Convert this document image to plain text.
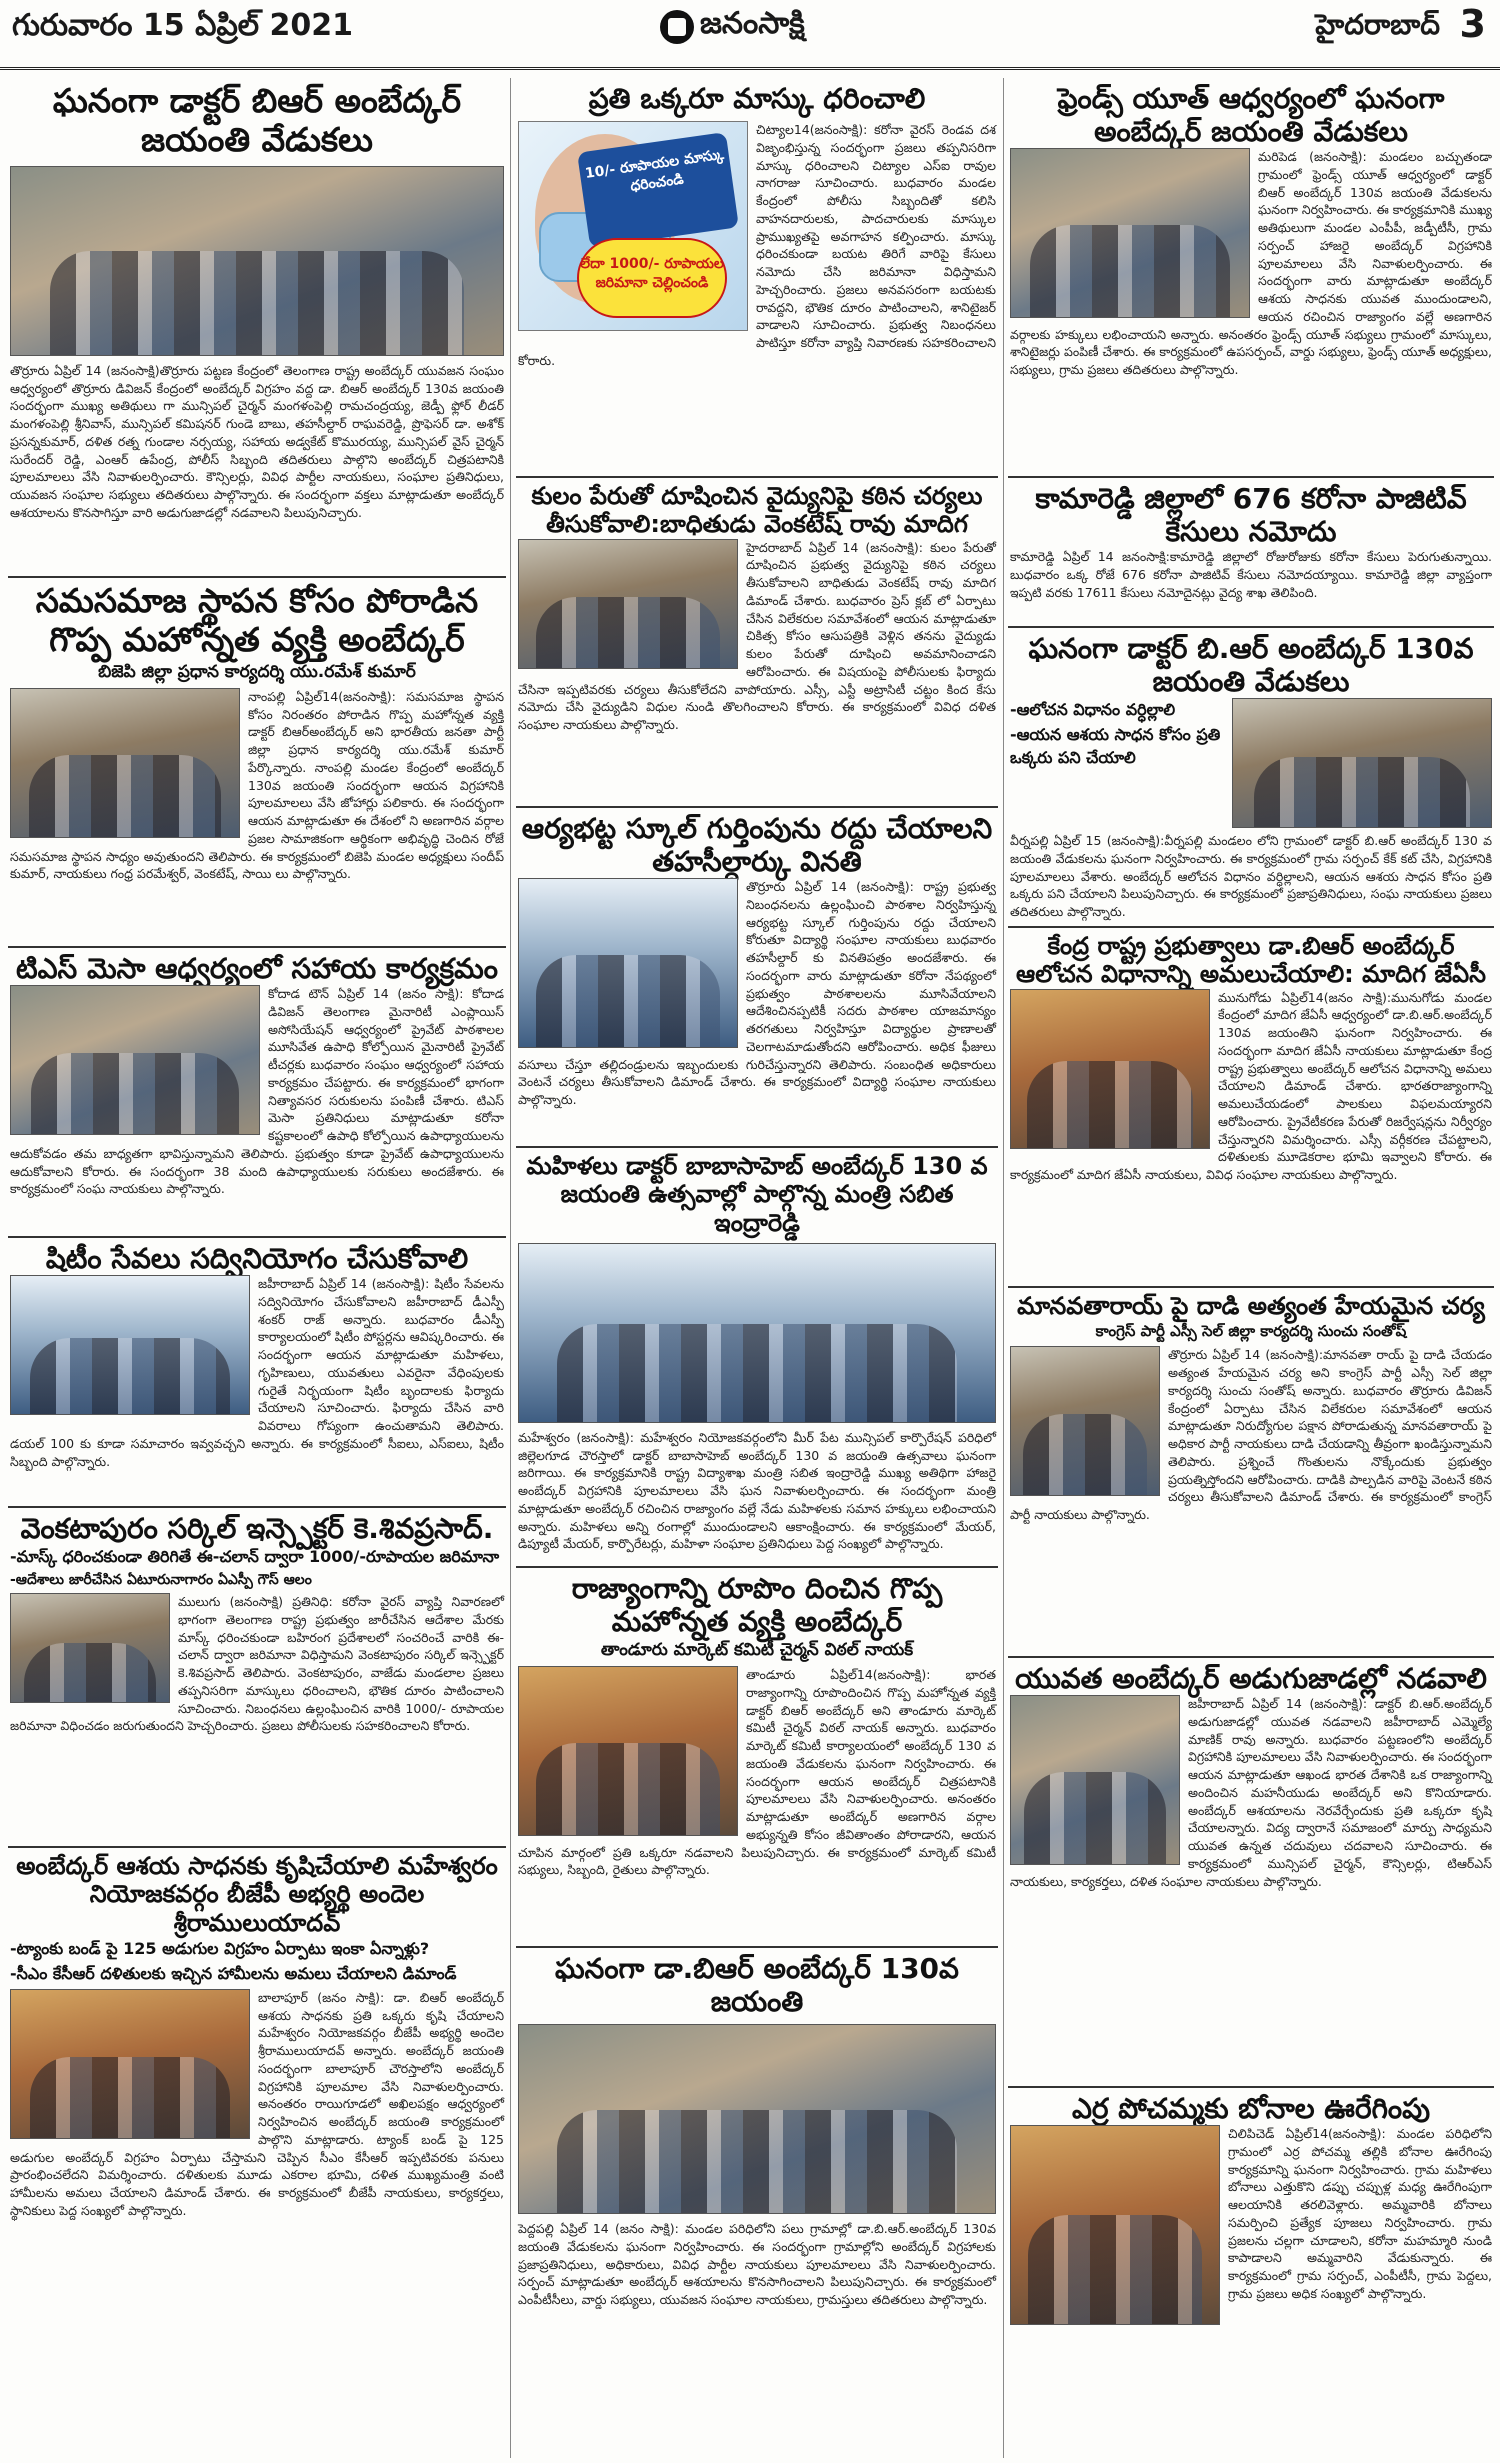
గురువారం 15 ఏప్రిల్ 2021	జనంసాక్షి	హైదరాబాద్ 3
ఘనంగా డాక్టర్ బిఆర్ అంబేద్కర్ జయంతి వేడుకలు
తొర్రూరు ఏప్రిల్ 14 (జనంసాక్షి)తొర్రూరు పట్టణ కేంద్రంలో తెలంగాణ రాష్ట్ర అంబేద్కర్ యువజన సంఘం ఆధ్వర్యంలో తొర్రూరు డివిజన్ కేంద్రంలో అంబేద్కర్ విగ్రహం వద్ద డా. బిఆర్ అంబేద్కర్ 130వ జయంతి సందర్భంగా ముఖ్య అతిథులు గా మున్సిపల్ చైర్మన్ మంగళంపెల్లి రామచంద్రయ్య, జెడ్పీ ఫ్లోర్ లీడర్ మంగళంపెల్లి శ్రీనివాస్, మున్సిపల్ కమిషనర్ గుండె బాబు, తహసీల్దార్ రాఘవరెడ్డి, ప్రొఫెసర్ డా. అశోక్ ప్రసన్నకుమార్, దళిత రత్న గుండాల నర్సయ్య, సహాయ అడ్వకేట్ కొమురయ్య, మున్సిపల్ వైస్ చైర్మన్ సురేందర్ రెడ్డి, ఎంఆర్ ఉపేంద్ర, పోలీస్ సిబ్బంది తదితరులు పాల్గొని అంబేద్కర్ చిత్రపటానికి పూలమాలలు వేసి నివాళులర్పించారు. కౌన్సిలర్లు, వివిధ పార్టీల నాయకులు, సంఘాల ప్రతినిధులు, యువజన సంఘాల సభ్యులు తదితరులు పాల్గొన్నారు. ఈ సందర్భంగా వక్తలు మాట్లాడుతూ అంబేద్కర్ ఆశయాలను కొనసాగిస్తూ వారి అడుగుజాడల్లో నడవాలని పిలుపునిచ్చారు.
సమసమాజ స్థాపన కోసం పోరాడిన గొప్ప మహోన్నత వ్యక్తి అంబేద్కర్
బిజెపి జిల్లా ప్రధాన కార్యదర్శి యు.రమేశ్ కుమార్
నాంపల్లి ఏప్రిల్14(జనంసాక్షి): సమసమాజ స్థాపన కోసం నిరంతరం పోరాడిన గొప్ప మహోన్నత వ్యక్తి డాక్టర్ బిఆర్అంబేద్కర్ అని భారతీయ జనతా పార్టీ జిల్లా ప్రధాన కార్యదర్శి యు.రమేశ్ కుమార్ పేర్కొన్నారు. నాంపల్లి మండల కేంద్రంలో అంబేద్కర్ 130వ జయంతి సందర్భంగా ఆయన విగ్రహానికి పూలమాలలు వేసి జోహార్లు పలికారు. ఈ సందర్భంగా ఆయన మాట్లాడుతూ ఈ దేశంలో ని అణగారిన వర్గాల ప్రజల సామాజికంగా ఆర్థికంగా అభివృద్ధి చెందిన రోజే సమసమాజ స్థాపన సాధ్యం అవుతుందని తెలిపారు. ఈ కార్యక్రమంలో బిజెపి మండల అధ్యక్షులు సందీప్ కుమార్, నాయకులు గంధ్ర పరమేశ్వర్, వెంకటేష్, సాయి లు పాల్గొన్నారు.
టిఎస్ మెసా ఆధ్వర్యంలో సహాయ కార్యక్రమం
కోదాడ టౌన్ ఏప్రిల్ 14 (జనం సాక్షి): కోదాడ డివిజన్ తెలంగాణ మైనారిటీ ఎంప్లాయిస్ అసోసియేషన్ ఆధ్వర్యంలో ప్రైవేట్ పాఠశాలల మూసివేత ఉపాధి కోల్పోయిన మైనారిటీ ప్రైవేట్ టీచర్లకు బుధవారం సంఘం ఆధ్వర్యంలో సహాయ కార్యక్రమం చేపట్టారు. ఈ కార్యక్రమంలో భాగంగా నిత్యావసర సరుకులను పంపిణీ చేశారు. టిఎస్ మెసా ప్రతినిధులు మాట్లాడుతూ కరోనా కష్టకాలంలో ఉపాధి కోల్పోయిన ఉపాధ్యాయులను ఆదుకోవడం తమ బాధ్యతగా భావిస్తున్నామని తెలిపారు. ప్రభుత్వం కూడా ప్రైవేట్ ఉపాధ్యాయులను ఆదుకోవాలని కోరారు. ఈ సందర్భంగా 38 మంది ఉపాధ్యాయులకు సరుకులు అందజేశారు. ఈ కార్యక్రమంలో సంఘ నాయకులు పాల్గొన్నారు.
షిటీం సేవలు సద్వినియోగం చేసుకోవాలి
జహీరాబాద్ ఏప్రిల్ 14 (జనంసాక్షి): షిటీం సేవలను సద్వినియోగం చేసుకోవాలని జహీరాబాద్ డీఎస్పీ శంకర్ రాజ్ అన్నారు. బుధవారం డీఎస్పీ కార్యాలయంలో షిటీం పోస్టర్లను ఆవిష్కరించారు. ఈ సందర్భంగా ఆయన మాట్లాడుతూ మహిళలు, గృహిణులు, యువతులు ఎవరైనా వేధింపులకు గురైతే నిర్భయంగా షిటీం బృందాలకు ఫిర్యాదు చేయాలని సూచించారు. ఫిర్యాదు చేసిన వారి వివరాలు గోప్యంగా ఉంచుతామని తెలిపారు. డయల్ 100 కు కూడా సమాచారం ఇవ్వవచ్చని అన్నారు. ఈ కార్యక్రమంలో సీఐలు, ఎస్ఐలు, షిటీం సిబ్బంది పాల్గొన్నారు.
వెంకటాపురం సర్కిల్ ఇన్స్పెక్టర్ కె.శివప్రసాద్.
-మాస్క్ ధరించకుండా తిరిగితే ఈ-చలాన్ ద్వారా 1000/-రూపాయల జరిమానా
-ఆదేశాలు జారీచేసిన ఏటూరునాగారం ఏఎస్పీ గౌస్ ఆలం
ములుగు (జనంసాక్షి) ప్రతినిధి: కరోనా వైరస్ వ్యాప్తి నివారణలో భాగంగా తెలంగాణ రాష్ట్ర ప్రభుత్వం జారీచేసిన ఆదేశాల మేరకు మాస్క్ ధరించకుండా బహిరంగ ప్రదేశాలలో సంచరించే వారికి ఈ-చలాన్ ద్వారా జరిమానా విధిస్తామని వెంకటాపురం సర్కిల్ ఇన్స్పెక్టర్ కె.శివప్రసాద్ తెలిపారు. వెంకటాపురం, వాజేడు మండలాల ప్రజలు తప్పనిసరిగా మాస్కులు ధరించాలని, భౌతిక దూరం పాటించాలని సూచించారు. నిబంధనలు ఉల్లంఘించిన వారికి 1000/- రూపాయల జరిమానా విధించడం జరుగుతుందని హెచ్చరించారు. ప్రజలు పోలీసులకు సహకరించాలని కోరారు.
అంబేద్కర్ ఆశయ సాధనకు కృషిచేయాలి మహేశ్వరం నియోజకవర్గం బీజేపీ అభ్యర్థి అందెల శ్రీరాములుయాదవ్
-ట్యాంకు బండ్ పై 125 అడుగుల విగ్రహం ఏర్పాటు ఇంకా ఏన్నాళ్లు?
-సీఎం కేసీఆర్ దళితులకు ఇచ్చిన హామీలను అమలు చేయాలని డిమాండ్
బాలాపూర్ (జనం సాక్షి): డా. బిఆర్ అంబేద్కర్ ఆశయ సాధనకు ప్రతి ఒక్కరు కృషి చేయాలని మహేశ్వరం నియోజకవర్గం బీజేపీ అభ్యర్థి అందెల శ్రీరాములుయాదవ్ అన్నారు. అంబేద్కర్ జయంతి సందర్భంగా బాలాపూర్ చౌరస్తాలోని అంబేద్కర్ విగ్రహానికి పూలమాల వేసి నివాళులర్పించారు. అనంతరం రాయిగూడలో అఖిలపక్షం ఆధ్వర్యంలో నిర్వహించిన అంబేద్కర్ జయంతి కార్యక్రమంలో పాల్గొని మాట్లాడారు. ట్యాంక్ బండ్ పై 125 అడుగుల అంబేద్కర్ విగ్రహం ఏర్పాటు చేస్తామని చెప్పిన సీఎం కేసీఆర్ ఇప్పటివరకు పనులు ప్రారంభించలేదని విమర్శించారు. దళితులకు మూడు ఎకరాల భూమి, దళిత ముఖ్యమంత్రి వంటి హామీలను అమలు చేయాలని డిమాండ్ చేశారు. ఈ కార్యక్రమంలో బీజేపీ నాయకులు, కార్యకర్తలు, స్థానికులు పెద్ద సంఖ్యలో పాల్గొన్నారు.
ప్రతి ఒక్కరూ మాస్కు ధరించాలి
10/- రూపాయల మాస్కు ధరించండి
లేదా 1000/- రూపాయల జరిమానా చెల్లించండి
చిట్యాల14(జనంసాక్షి): కరోనా వైరస్ రెండవ దశ విజృంభిస్తున్న సందర్భంగా ప్రజలు తప్పనిసరిగా మాస్కు ధరించాలని చిట్యాల ఎస్ఐ రావుల నాగరాజు సూచించారు. బుధవారం మండల కేంద్రంలో పోలీసు సిబ్బందితో కలిసి వాహనదారులకు, పాదచారులకు మాస్కుల ప్రాముఖ్యతపై అవగాహన కల్పించారు. మాస్కు ధరించకుండా బయట తిరిగే వారిపై కేసులు నమోదు చేసి జరిమానా విధిస్తామని హెచ్చరించారు. ప్రజలు అనవసరంగా బయటకు రావద్దని, భౌతిక దూరం పాటించాలని, శానిటైజర్ వాడాలని సూచించారు. ప్రభుత్వ నిబంధనలు పాటిస్తూ కరోనా వ్యాప్తి నివారణకు సహకరించాలని కోరారు.
కులం పేరుతో దూషించిన వైద్యునిపై కఠిన చర్యలు తీసుకోవాలి:బాధితుడు వెంకటేష్ రావు మాదిగ
హైదరాబాద్ ఏప్రిల్ 14 (జనంసాక్షి): కులం పేరుతో దూషించిన ప్రభుత్వ వైద్యునిపై కఠిన చర్యలు తీసుకోవాలని బాధితుడు వెంకటేష్ రావు మాదిగ డిమాండ్ చేశారు. బుధవారం ప్రెస్ క్లబ్ లో ఏర్పాటు చేసిన విలేకరుల సమావేశంలో ఆయన మాట్లాడుతూ చికిత్స కోసం ఆసుపత్రికి వెళ్లిన తనను వైద్యుడు కులం పేరుతో దూషించి అవమానించాడని ఆరోపించారు. ఈ విషయంపై పోలీసులకు ఫిర్యాదు చేసినా ఇప్పటివరకు చర్యలు తీసుకోలేదని వాపోయారు. ఎస్సీ, ఎస్టీ అట్రాసిటీ చట్టం కింద కేసు నమోదు చేసి వైద్యుడిని విధుల నుండి తొలగించాలని కోరారు. ఈ కార్యక్రమంలో వివిధ దళిత సంఘాల నాయకులు పాల్గొన్నారు.
ఆర్యభట్ట స్కూల్ గుర్తింపును రద్దు చేయాలని తహసీల్దార్కు వినతి
తొర్రూరు ఏప్రిల్ 14 (జనంసాక్షి): రాష్ట్ర ప్రభుత్వ నిబంధనలను ఉల్లంఘించి పాఠశాల నిర్వహిస్తున్న ఆర్యభట్ట స్కూల్ గుర్తింపును రద్దు చేయాలని కోరుతూ విద్యార్థి సంఘాల నాయకులు బుధవారం తహసీల్దార్ కు వినతిపత్రం అందజేశారు. ఈ సందర్భంగా వారు మాట్లాడుతూ కరోనా నేపథ్యంలో ప్రభుత్వం పాఠశాలలను మూసివేయాలని ఆదేశించినప్పటికీ సదరు పాఠశాల యాజమాన్యం తరగతులు నిర్వహిస్తూ విద్యార్థుల ప్రాణాలతో చెలగాటమాడుతోందని ఆరోపించారు. అధిక ఫీజులు వసూలు చేస్తూ తల్లిదండ్రులను ఇబ్బందులకు గురిచేస్తున్నారని తెలిపారు. సంబంధిత అధికారులు వెంటనే చర్యలు తీసుకోవాలని డిమాండ్ చేశారు. ఈ కార్యక్రమంలో విద్యార్థి సంఘాల నాయకులు పాల్గొన్నారు.
మహిళలు డాక్టర్ బాబాసాహెబ్ అంబేద్కర్ 130 వ జయంతి ఉత్సవాల్లో పాల్గొన్న మంత్రి సబిత ఇంద్రారెడ్డి
మహేశ్వరం (జనంసాక్షి): మహేశ్వరం నియోజకవర్గంలోని మీర్ పేట మున్సిపల్ కార్పొరేషన్ పరిధిలో జిల్లెలగూడ చౌరస్తాలో డాక్టర్ బాబాసాహెబ్ అంబేద్కర్ 130 వ జయంతి ఉత్సవాలు ఘనంగా జరిగాయి. ఈ కార్యక్రమానికి రాష్ట్ర విద్యాశాఖ మంత్రి సబిత ఇంద్రారెడ్డి ముఖ్య అతిథిగా హాజరై అంబేద్కర్ విగ్రహానికి పూలమాలలు వేసి ఘన నివాళులర్పించారు. ఈ సందర్భంగా మంత్రి మాట్లాడుతూ అంబేద్కర్ రచించిన రాజ్యాంగం వల్లే నేడు మహిళలకు సమాన హక్కులు లభించాయని అన్నారు. మహిళలు అన్ని రంగాల్లో ముందుండాలని ఆకాంక్షించారు. ఈ కార్యక్రమంలో మేయర్, డిప్యూటీ మేయర్, కార్పొరేటర్లు, మహిళా సంఘాల ప్రతినిధులు పెద్ద సంఖ్యలో పాల్గొన్నారు.
రాజ్యాంగాన్ని రూపొం దించిన గొప్ప మహోన్నత వ్యక్తి అంబేద్కర్
తాండూరు మార్కెట్ కమిటీ చైర్మన్ విఠల్ నాయక్
తాండూరు ఏప్రిల్14(జనంసాక్షి): భారత రాజ్యాంగాన్ని రూపొందించిన గొప్ప మహోన్నత వ్యక్తి డాక్టర్ బిఆర్ అంబేద్కర్ అని తాండూరు మార్కెట్ కమిటీ చైర్మన్ విఠల్ నాయక్ అన్నారు. బుధవారం మార్కెట్ కమిటీ కార్యాలయంలో అంబేద్కర్ 130 వ జయంతి వేడుకలను ఘనంగా నిర్వహించారు. ఈ సందర్భంగా ఆయన అంబేద్కర్ చిత్రపటానికి పూలమాలలు వేసి నివాళులర్పించారు. అనంతరం మాట్లాడుతూ అంబేద్కర్ అణగారిన వర్గాల అభ్యున్నతి కోసం జీవితాంతం పోరాడారని, ఆయన చూపిన మార్గంలో ప్రతి ఒక్కరూ నడవాలని పిలుపునిచ్చారు. ఈ కార్యక్రమంలో మార్కెట్ కమిటీ సభ్యులు, సిబ్బంది, రైతులు పాల్గొన్నారు.
ఘనంగా డా.బిఆర్ అంబేద్కర్ 130వ జయంతి
పెద్దపల్లి ఏప్రిల్ 14 (జనం సాక్షి): మండల పరిధిలోని పలు గ్రామాల్లో డా.బి.ఆర్.అంబేద్కర్ 130వ జయంతి వేడుకలను ఘనంగా నిర్వహించారు. ఈ సందర్భంగా గ్రామాల్లోని అంబేద్కర్ విగ్రహాలకు ప్రజాప్రతినిధులు, అధికారులు, వివిధ పార్టీల నాయకులు పూలమాలలు వేసి నివాళులర్పించారు. సర్పంచ్ మాట్లాడుతూ అంబేద్కర్ ఆశయాలను కొనసాగించాలని పిలుపునిచ్చారు. ఈ కార్యక్రమంలో ఎంపీటీసీలు, వార్డు సభ్యులు, యువజన సంఘాల నాయకులు, గ్రామస్తులు తదితరులు పాల్గొన్నారు.
ఫ్రెండ్స్ యూత్ ఆధ్వర్యంలో ఘనంగా అంబేద్కర్ జయంతి వేడుకలు
మరిపెడ (జనంసాక్షి): మండలం బచ్చుతండా గ్రామంలో ఫ్రెండ్స్ యూత్ ఆధ్వర్యంలో డాక్టర్ బిఆర్ అంబేద్కర్ 130వ జయంతి వేడుకలను ఘనంగా నిర్వహించారు. ఈ కార్యక్రమానికి ముఖ్య అతిథులుగా మండల ఎంపీపీ, జడ్పీటీసీ, గ్రామ సర్పంచ్ హాజరై అంబేద్కర్ విగ్రహానికి పూలమాలలు వేసి నివాళులర్పించారు. ఈ సందర్భంగా వారు మాట్లాడుతూ అంబేద్కర్ ఆశయ సాధనకు యువత ముందుండాలని, ఆయన రచించిన రాజ్యాంగం వల్లే అణగారిన వర్గాలకు హక్కులు లభించాయని అన్నారు. అనంతరం ఫ్రెండ్స్ యూత్ సభ్యులు గ్రామంలో మాస్కులు, శానిటైజర్లు పంపిణీ చేశారు. ఈ కార్యక్రమంలో ఉపసర్పంచ్, వార్డు సభ్యులు, ఫ్రెండ్స్ యూత్ అధ్యక్షులు, సభ్యులు, గ్రామ ప్రజలు తదితరులు పాల్గొన్నారు.
కామారెడ్డి జిల్లాలో 676 కరోనా పాజిటివ్ కేసులు నమోదు
కామారెడ్డి ఏప్రిల్ 14 జనంసాక్షి:కామారెడ్డి జిల్లాలో రోజురోజుకు కరోనా కేసులు పెరుగుతున్నాయి. బుధవారం ఒక్క రోజే 676 కరోనా పాజిటివ్ కేసులు నమోదయ్యాయి. కామారెడ్డి జిల్లా వ్యాప్తంగా ఇప్పటి వరకు 17611 కేసులు నమోదైనట్లు వైద్య శాఖ తెలిపింది.
ఘనంగా డాక్టర్ బి.ఆర్ అంబేద్కర్ 130వ జయంతి వేడుకలు
-ఆలోచన విధానం వర్ధిల్లాలి
-ఆయన ఆశయ సాధన కోసం ప్రతి ఒక్కరు పని చేయాలి
వీర్నపల్లి ఏప్రిల్ 15 (జనంసాక్షి):వీర్నపల్లి మండలం లోని గ్రామంలో డాక్టర్ బి.ఆర్ అంబేద్కర్ 130 వ జయంతి వేడుకలను ఘనంగా నిర్వహించారు. ఈ కార్యక్రమంలో గ్రామ సర్పంచ్ కేక్ కట్ చేసి, విగ్రహానికి పూలమాలలు వేశారు. అంబేద్కర్ ఆలోచన విధానం వర్ధిల్లాలని, ఆయన ఆశయ సాధన కోసం ప్రతి ఒక్కరు పని చేయాలని పిలుపునిచ్చారు. ఈ కార్యక్రమంలో ప్రజాప్రతినిధులు, సంఘ నాయకులు ప్రజలు తదితరులు పాల్గొన్నారు.
కేంద్ర రాష్ట్ర ప్రభుత్వాలు డా.బిఆర్ అంబేద్కర్ ఆలోచన విధానాన్ని అమలుచేయాలి: మాదిగ జేఏసీ
మునుగోడు ఏప్రిల్14(జనం సాక్షి):మునుగోడు మండల కేంద్రంలో మాదిగ జేఏసీ ఆధ్వర్యంలో డా.బి.ఆర్.అంబేద్కర్ 130వ జయంతిని ఘనంగా నిర్వహించారు. ఈ సందర్భంగా మాదిగ జేఏసీ నాయకులు మాట్లాడుతూ కేంద్ర రాష్ట్ర ప్రభుత్వాలు అంబేద్కర్ ఆలోచన విధానాన్ని అమలు చేయాలని డిమాండ్ చేశారు. భారతరాజ్యాంగాన్ని అమలుచేయడంలో పాలకులు విఫలమయ్యారని ఆరోపించారు. ప్రైవేటీకరణ పేరుతో రిజర్వేషన్లను నిర్వీర్యం చేస్తున్నారని విమర్శించారు. ఎస్సీ వర్గీకరణ చేపట్టాలని, దళితులకు మూడెకరాల భూమి ఇవ్వాలని కోరారు. ఈ కార్యక్రమంలో మాదిగ జేఏసీ నాయకులు, వివిధ సంఘాల నాయకులు పాల్గొన్నారు.
మానవతారాయ్ పై దాడి అత్యంత హేయమైన చర్య
కాంగ్రెస్ పార్టీ ఎస్సీ సెల్ జిల్లా కార్యదర్శి సుంచు సంతోష్
తొర్రూరు ఏప్రిల్ 14 (జనంసాక్షి):మానవతా రాయ్ పై దాడి చేయడం అత్యంత హేయమైన చర్య అని కాంగ్రెస్ పార్టీ ఎస్సీ సెల్ జిల్లా కార్యదర్శి సుంచు సంతోష్ అన్నారు. బుధవారం తొర్రూరు డివిజన్ కేంద్రంలో ఏర్పాటు చేసిన విలేకరుల సమావేశంలో ఆయన మాట్లాడుతూ నిరుద్యోగుల పక్షాన పోరాడుతున్న మానవతారాయ్ పై అధికార పార్టీ నాయకులు దాడి చేయడాన్ని తీవ్రంగా ఖండిస్తున్నామని తెలిపారు. ప్రశ్నించే గొంతులను నొక్కేందుకు ప్రభుత్వం ప్రయత్నిస్తోందని ఆరోపించారు. దాడికి పాల్పడిన వారిపై వెంటనే కఠిన చర్యలు తీసుకోవాలని డిమాండ్ చేశారు. ఈ కార్యక్రమంలో కాంగ్రెస్ పార్టీ నాయకులు పాల్గొన్నారు.
యువత అంబేద్కర్ అడుగుజాడల్లో నడవాలి
జహీరాబాద్ ఏప్రిల్ 14 (జనంసాక్షి): డాక్టర్ బి.ఆర్.అంబేద్కర్ అడుగుజాడల్లో యువత నడవాలని జహీరాబాద్ ఎమ్మెల్యే మాణిక్ రావు అన్నారు. బుధవారం పట్టణంలోని అంబేద్కర్ విగ్రహానికి పూలమాలలు వేసి నివాళులర్పించారు. ఈ సందర్భంగా ఆయన మాట్లాడుతూ ఆఖండ భారత దేశానికి ఒక రాజ్యాంగాన్ని అందించిన మహనీయుడు అంబేద్కర్ అని కొనియాడారు. అంబేద్కర్ ఆశయాలను నెరవేర్చేందుకు ప్రతి ఒక్కరూ కృషి చేయాలన్నారు. విద్య ద్వారానే సమాజంలో మార్పు సాధ్యమని యువత ఉన్నత చదువులు చదవాలని సూచించారు. ఈ కార్యక్రమంలో మున్సిపల్ చైర్మన్, కౌన్సిలర్లు, టిఆర్ఎస్ నాయకులు, కార్యకర్తలు, దళిత సంఘాల నాయకులు పాల్గొన్నారు.
ఎర్ర పోచమ్మకు బోనాల ఊరేగింపు
చిలిపిచెడ్ ఏప్రిల్14(జనంసాక్షి): మండల పరిధిలోని గ్రామంలో ఎర్ర పోచమ్మ తల్లికి బోనాల ఊరేగింపు కార్యక్రమాన్ని ఘనంగా నిర్వహించారు. గ్రామ మహిళలు బోనాలు ఎత్తుకొని డప్పు చప్పుళ్ల మధ్య ఊరేగింపుగా ఆలయానికి తరలివెళ్లారు. అమ్మవారికి బోనాలు సమర్పించి ప్రత్యేక పూజలు నిర్వహించారు. గ్రామ ప్రజలను చల్లగా చూడాలని, కరోనా మహమ్మారి నుండి కాపాడాలని అమ్మవారిని వేడుకున్నారు. ఈ కార్యక్రమంలో గ్రామ సర్పంచ్, ఎంపీటీసీ, గ్రామ పెద్దలు, గ్రామ ప్రజలు అధిక సంఖ్యలో పాల్గొన్నారు.
